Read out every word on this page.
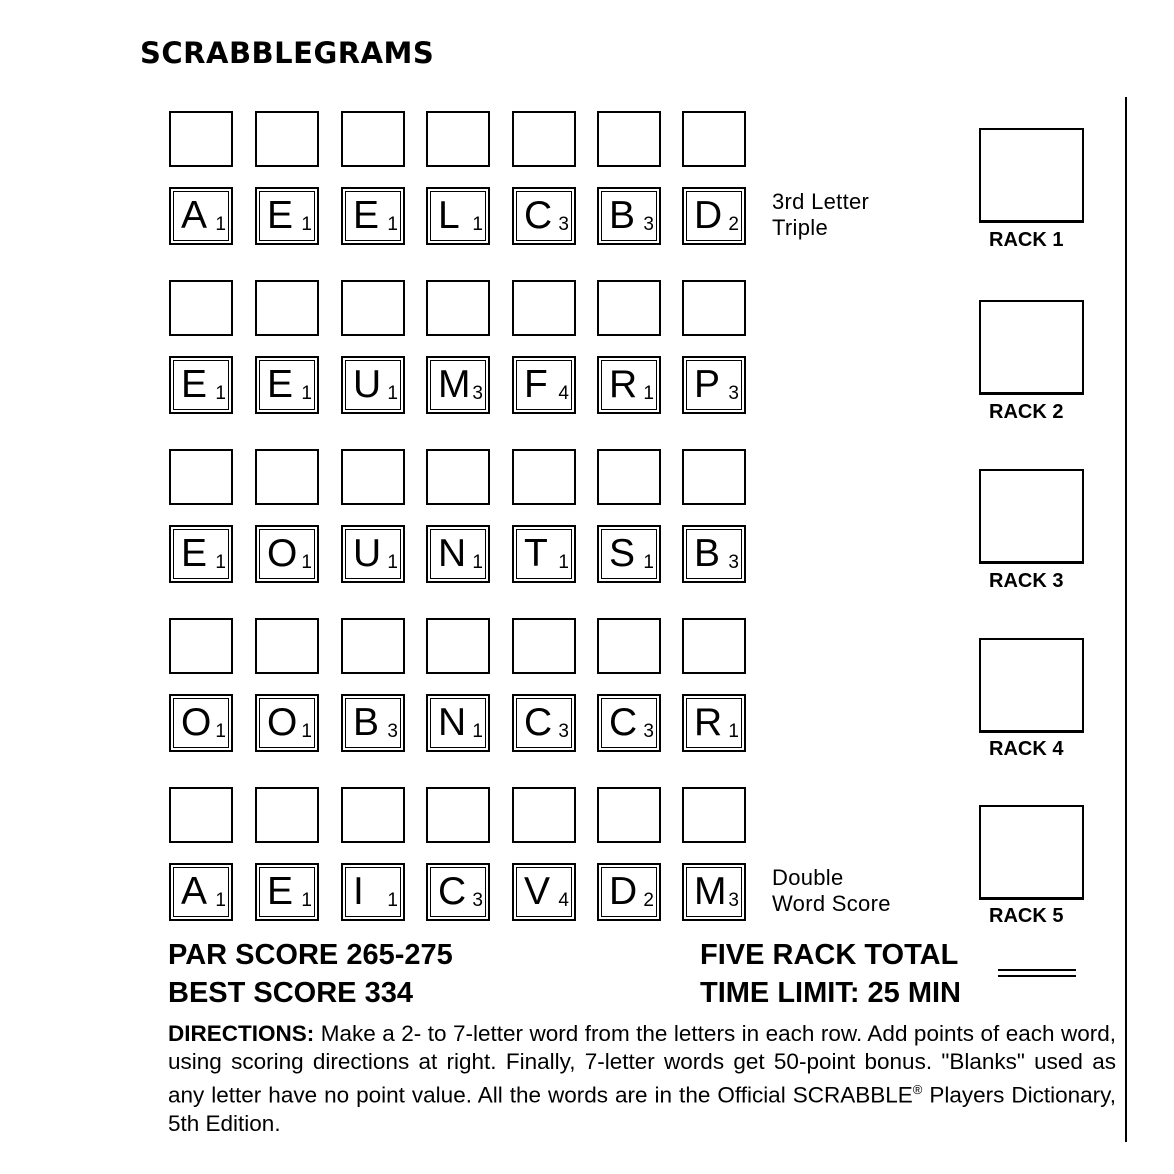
SCRABBLEGRAMS
A 1 E 1 E 1 L 1 C 3 B 3 D 2
3rd Letter
Triple	RACK 1
E 1 E 1 U 1 M 3 F 4 R 1 P 3
RACK 2
E 1 O 1 U 1 N 1 T 1 S 1 B 3
RACK 3
O 1 O 1 B 3 N 1 C 3 C 3 R 1
RACK 4
A 1 E 1 I 1 C 3 V 4 D 2 M 3
Double
Word Score	RACK 5
PAR SCORE 265-275
BEST SCORE 334
FIVE RACK TOTAL
TIME LIMIT: 25 MIN
DIRECTIONS: Make a 2- to 7-letter word from the letters in each row. Add points of each word, using scoring directions at right. Finally, 7-letter words get 50-point bonus. "Blanks" used as any letter have no point value. All the words are in the Official SCRABBLE® Players Dictionary, 5th Edition.
